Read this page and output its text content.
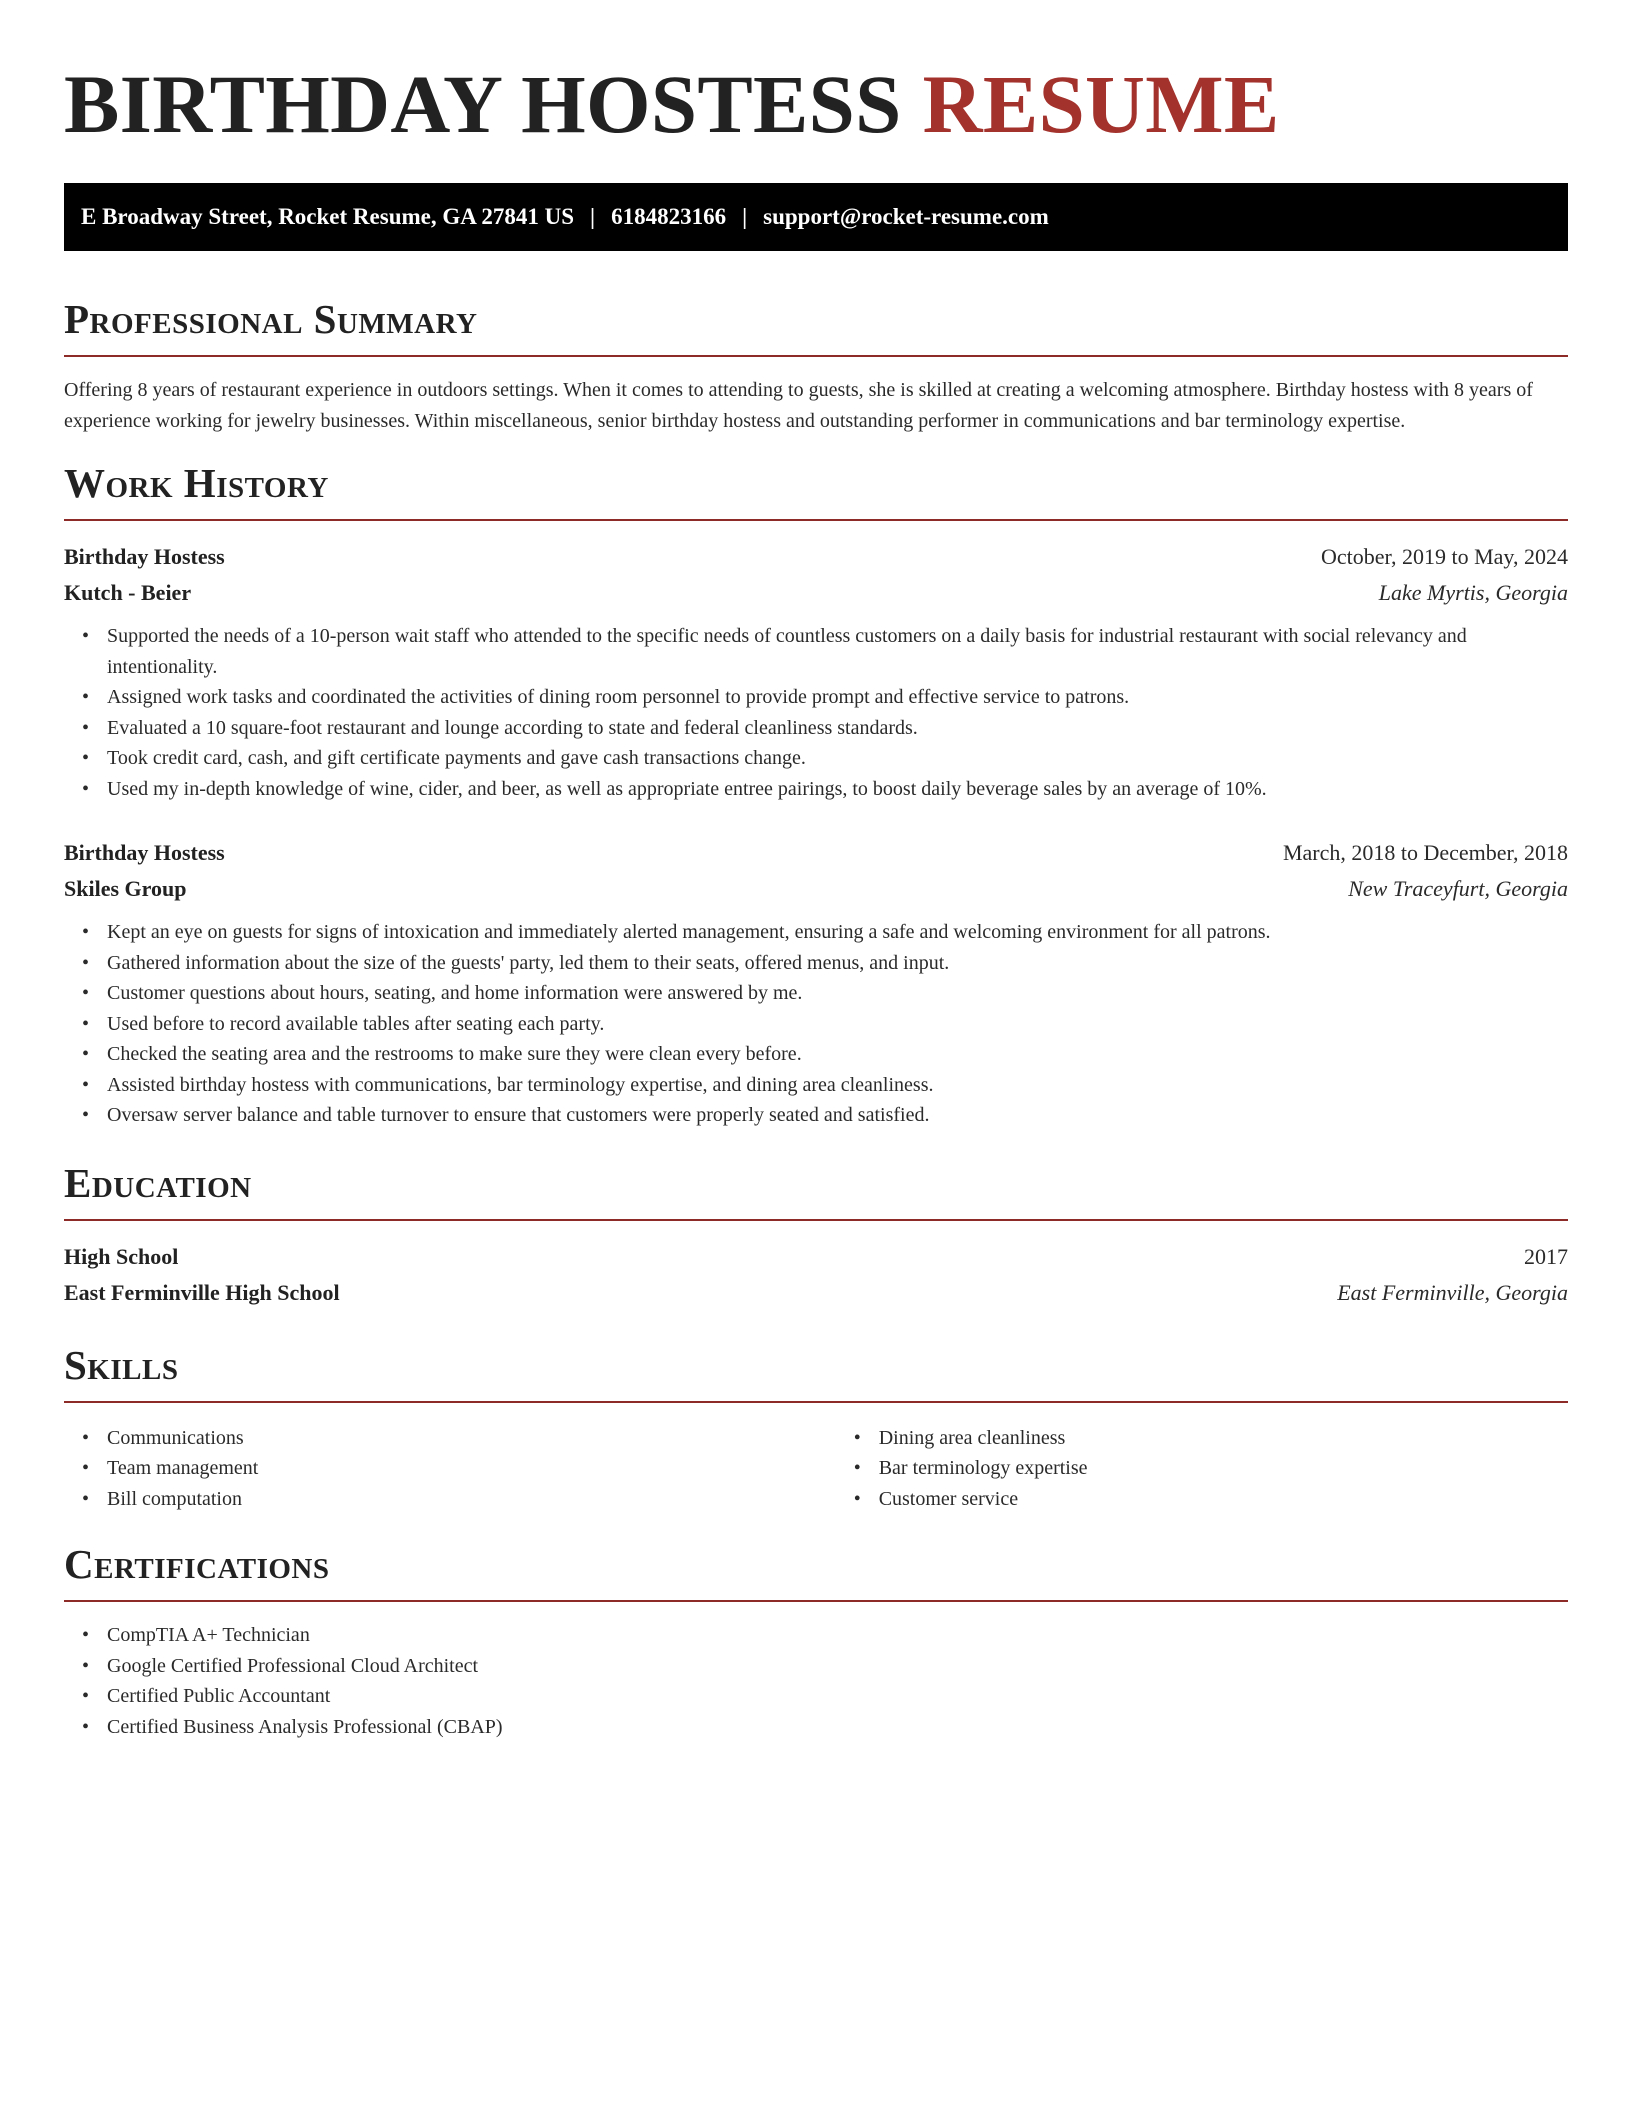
BIRTHDAY HOSTESS RESUME
E Broadway Street, Rocket Resume, GA 27841 US | 6184823166 | support@rocket-resume.com
Professional Summary

Offering 8 years of restaurant experience in outdoors settings. When it comes to attending to guests, she is skilled at creating a welcoming atmosphere. Birthday hostess with 8 years of experience working for jewelry businesses. Within miscellaneous, senior birthday hostess and outstanding performer in communications and bar terminology expertise.

Work History
Birthday Hostess	October, 2019 to May, 2024
Kutch - Beier	Lake Myrtis, Georgia
• Supported the needs of a 10-person wait staff who attended to the specific needs of countless customers on a daily basis for industrial restaurant with social relevancy and intentionality.
• Assigned work tasks and coordinated the activities of dining room personnel to provide prompt and effective service to patrons.
• Evaluated a 10 square-foot restaurant and lounge according to state and federal cleanliness standards.
• Took credit card, cash, and gift certificate payments and gave cash transactions change.
• Used my in-depth knowledge of wine, cider, and beer, as well as appropriate entree pairings, to boost daily beverage sales by an average of 10%.
Birthday Hostess	March, 2018 to December, 2018
Skiles Group	New Traceyfurt, Georgia
• Kept an eye on guests for signs of intoxication and immediately alerted management, ensuring a safe and welcoming environment for all patrons.
• Gathered information about the size of the guests' party, led them to their seats, offered menus, and input.
• Customer questions about hours, seating, and home information were answered by me.
• Used before to record available tables after seating each party.
• Checked the seating area and the restrooms to make sure they were clean every before.
• Assisted birthday hostess with communications, bar terminology expertise, and dining area cleanliness.
• Oversaw server balance and table turnover to ensure that customers were properly seated and satisfied.
Education
High School	2017
East Ferminville High School	East Ferminville, Georgia
Skills
• Communications
• Team management
• Bill computation
• Dining area cleanliness
• Bar terminology expertise
• Customer service
Certifications
• CompTIA A+ Technician
• Google Certified Professional Cloud Architect
• Certified Public Accountant
• Certified Business Analysis Professional (CBAP)
